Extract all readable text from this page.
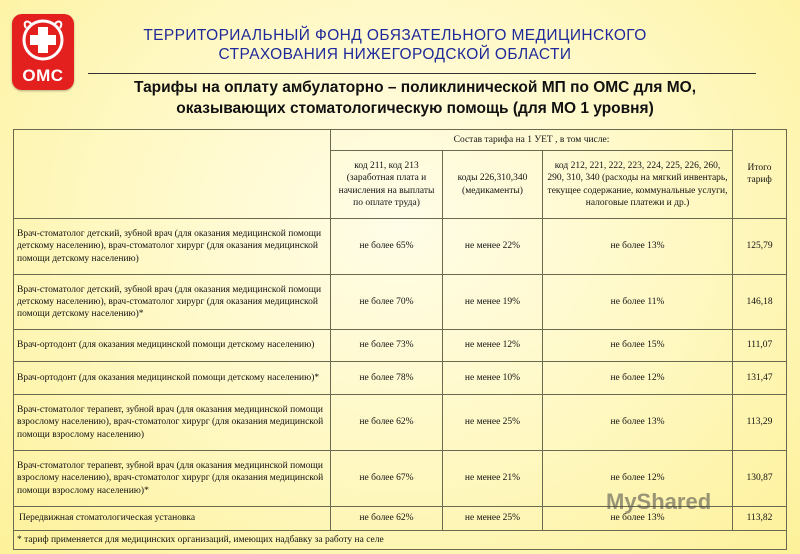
ОМС
ТЕРРИТОРИАЛЬНЫЙ ФОНД ОБЯЗАТЕЛЬНОГО МЕДИЦИНСКОГО
СТРАХОВАНИЯ НИЖЕГОРОДСКОЙ ОБЛАСТИ
Тарифы на оплату амбулаторно – поликлинической МП по ОМС для МО,
оказывающих стоматологическую помощь (для МО 1 уровня)
	Состав тарифа на 1 УЕТ , в том числе:			Итого тариф
	код 211, код 213 (заработная плата и начисления на выплаты по оплате труда)	коды 226,310,340 (медикаменты)	код 212, 221, 222, 223, 224, 225, 226, 260, 290, 310, 340 (расходы на мягкий инвентарь, текущее содержание, коммунальные услуги, налоговые платежи и др.)	
Врач-стоматолог детский, зубной врач (для оказания медицинской помощи детскому населению), врач-стоматолог хирург (для оказания медицинской помощи детскому населению)	не более 65%	не менее 22%	не более 13%	125,79
Врач-стоматолог детский, зубной врач (для оказания медицинской помощи детскому населению), врач-стоматолог хирург (для оказания медицинской помощи детскому населению)*	не более 70%	не менее 19%	не более 11%	146,18
Врач-ортодонт (для оказания медицинской помощи детскому населению)	не более 73%	не менее 12%	не более 15%	111,07
Врач-ортодонт (для оказания медицинской помощи детскому населению)*	не более 78%	не менее 10%	не более 12%	131,47
Врач-стоматолог терапевт, зубной врач (для оказания медицинской помощи взрослому населению), врач-стоматолог хирург (для оказания медицинской помощи взрослому населению)	не более 62%	не менее 25%	не более 13%	113,29
Врач-стоматолог терапевт, зубной врач (для оказания медицинской помощи взрослому населению), врач-стоматолог хирург (для оказания медицинской помощи взрослому населению)*	не более 67%	не менее 21%	не более 12%	130,87
Передвижная стоматологическая установка	не более 62%	не менее 25%	не более 13%	113,82
* тариф применяется для медицинских организаций, имеющих надбавку за работу на селе				
MyShared
